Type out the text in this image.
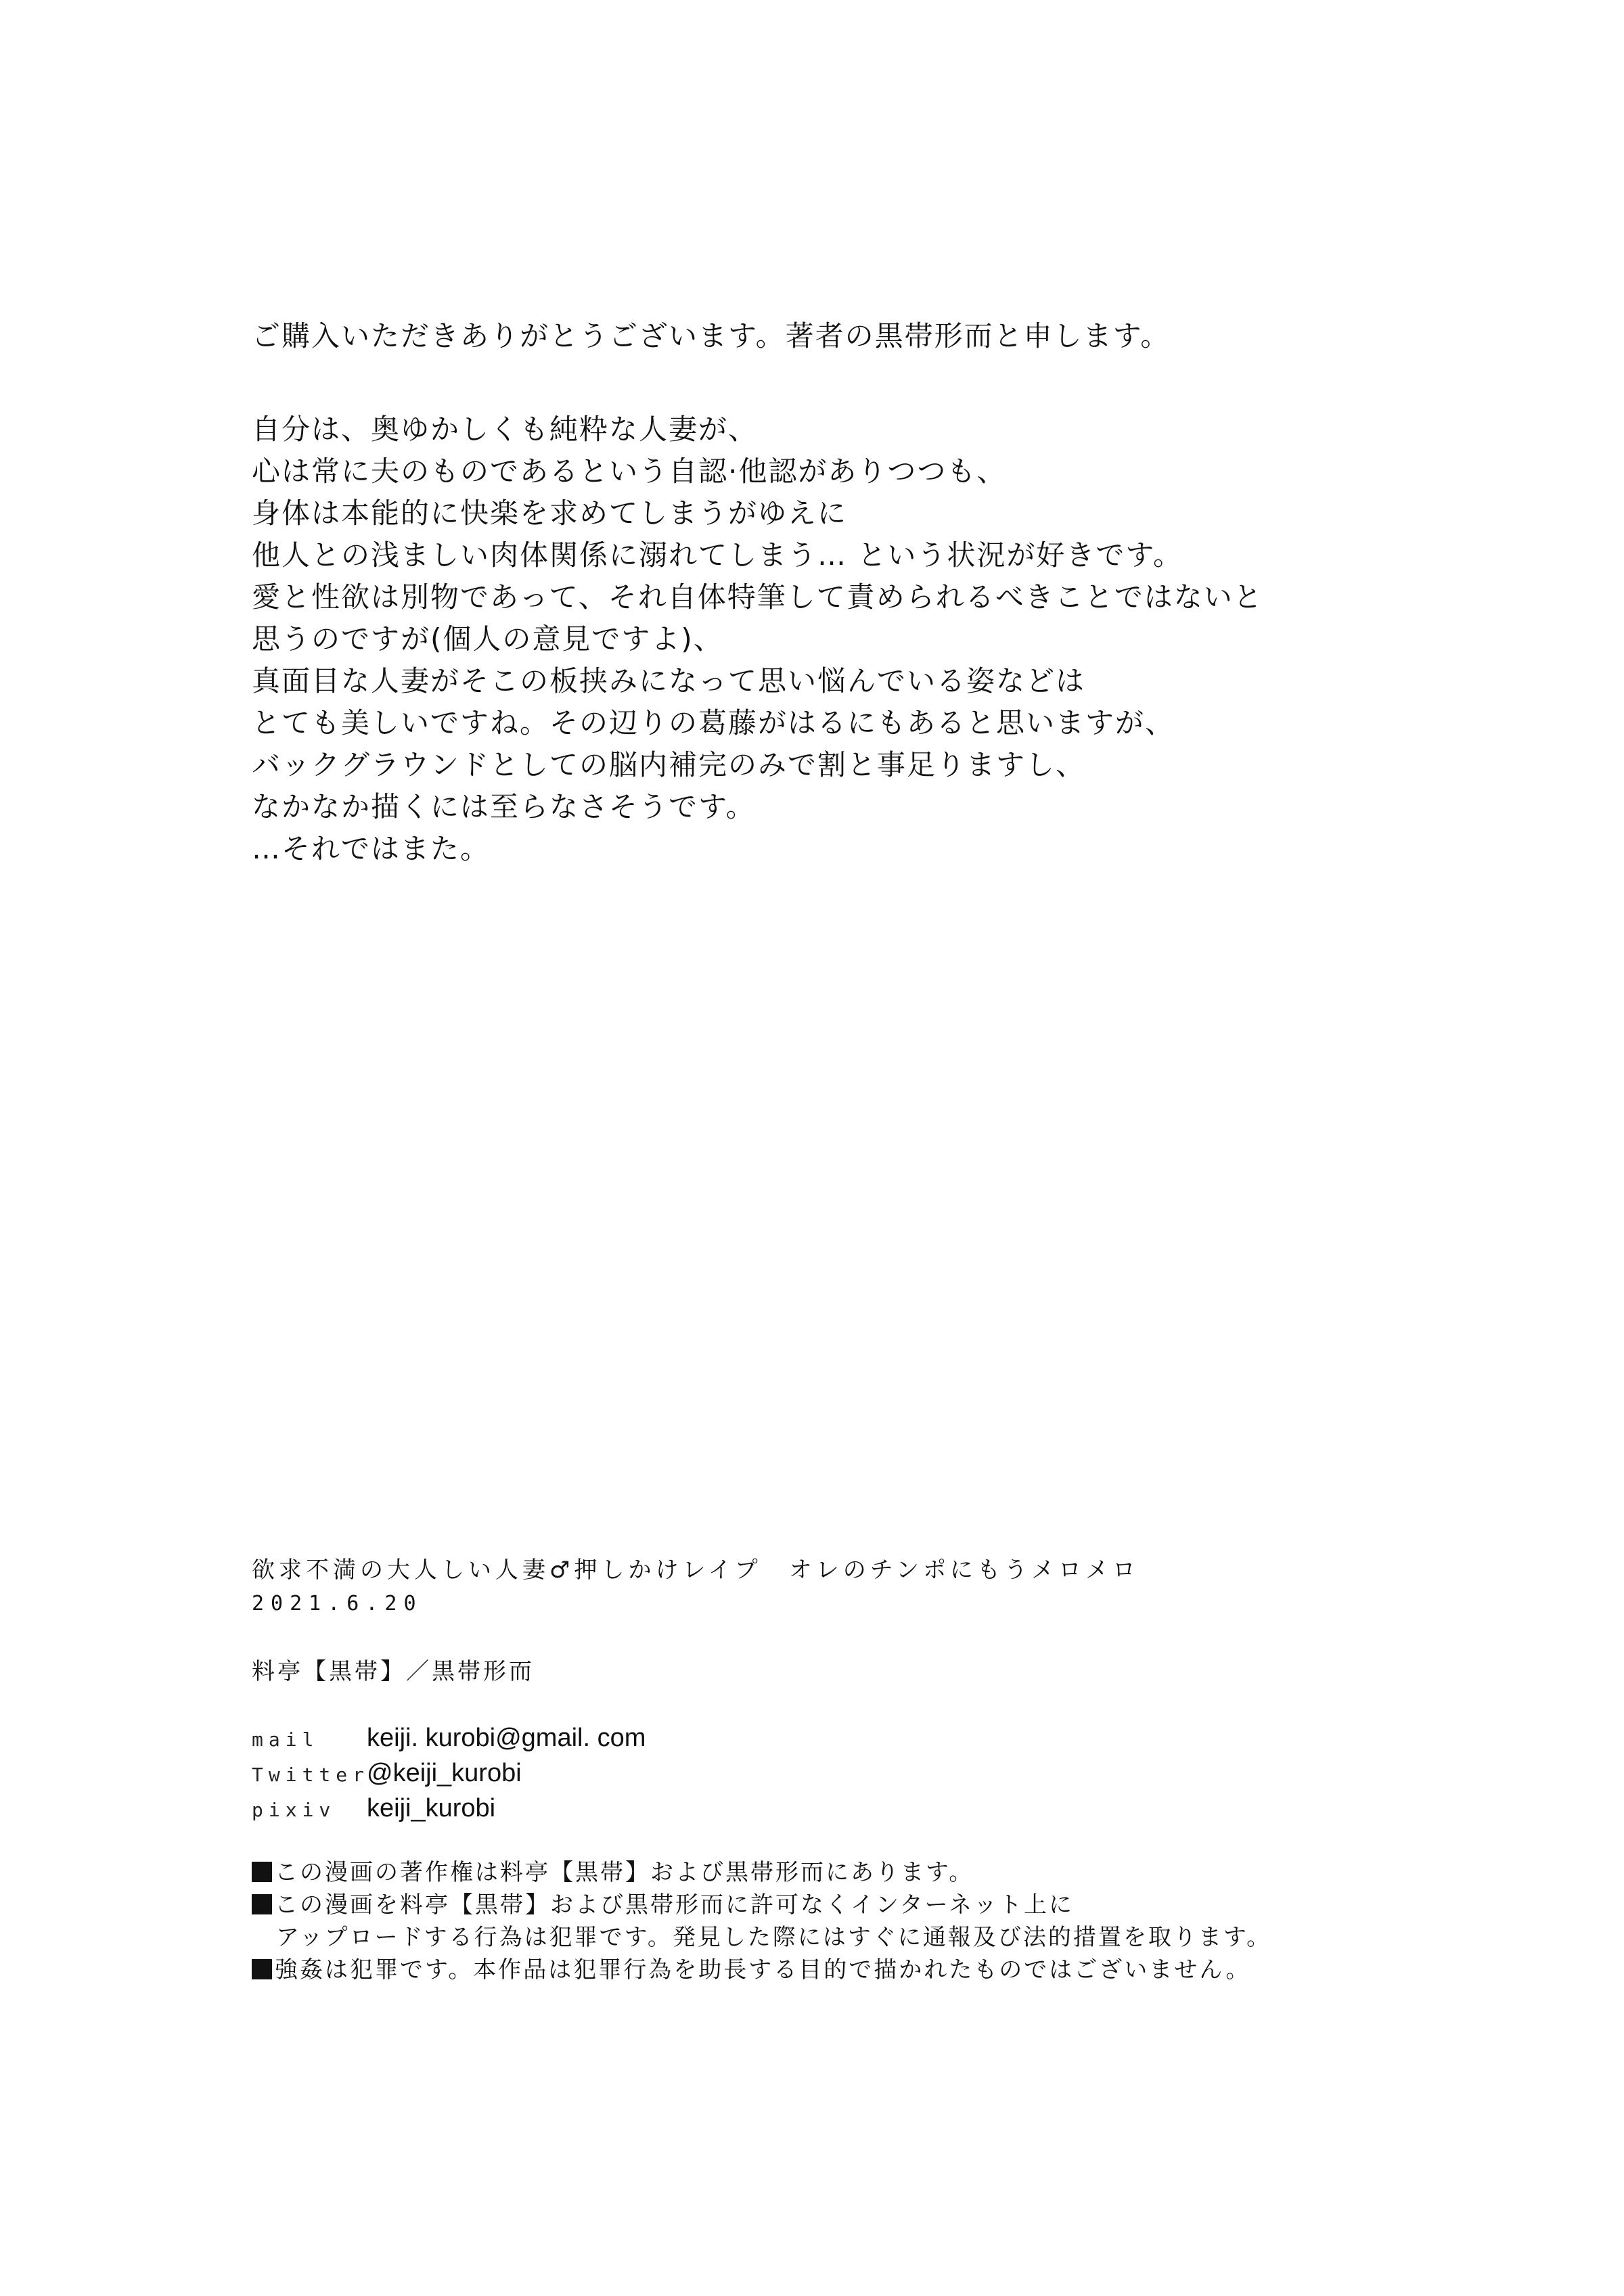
ご購入いただきありがとうございます。著者の黒帯形而と申します。
自分は、奥ゆかしくも純粋な人妻が、
心は常に夫のものであるという自認·他認がありつつも、
身体は本能的に快楽を求めてしまうがゆえに
他人との浅ましい肉体関係に溺れてしまう… という状況が好きです。
愛と性欲は別物であって、それ自体特筆して責められるべきことではないと
思うのですが(個人の意見ですよ)、
真面目な人妻がそこの板挟みになって思い悩んでいる姿などは
とても美しいですね。その辺りの葛藤がはるにもあると思いますが、
バックグラウンドとしての脳内補完のみで割と事足りますし、
なかなか描くには至らなさそうです。
…それではまた。
欲求不満の大人しい人妻♂押しかけレイプ　オレのチンポにもうメロメロ
2021.6.20
料亭【黒帯】／黒帯形而
mail	keiji. kurobi@gmail. com
Twitter
@keiji_kurobi
pixiv	keiji_kurobi
この漫画の著作権は料亭【黒帯】および黒帯形而にあります。
この漫画を料亭【黒帯】および黒帯形而に許可なくインターネット上に
アップロードする行為は犯罪です。発見した際にはすぐに通報及び法的措置を取ります。
強姦は犯罪です。本作品は犯罪行為を助長する目的で描かれたものではございません。
